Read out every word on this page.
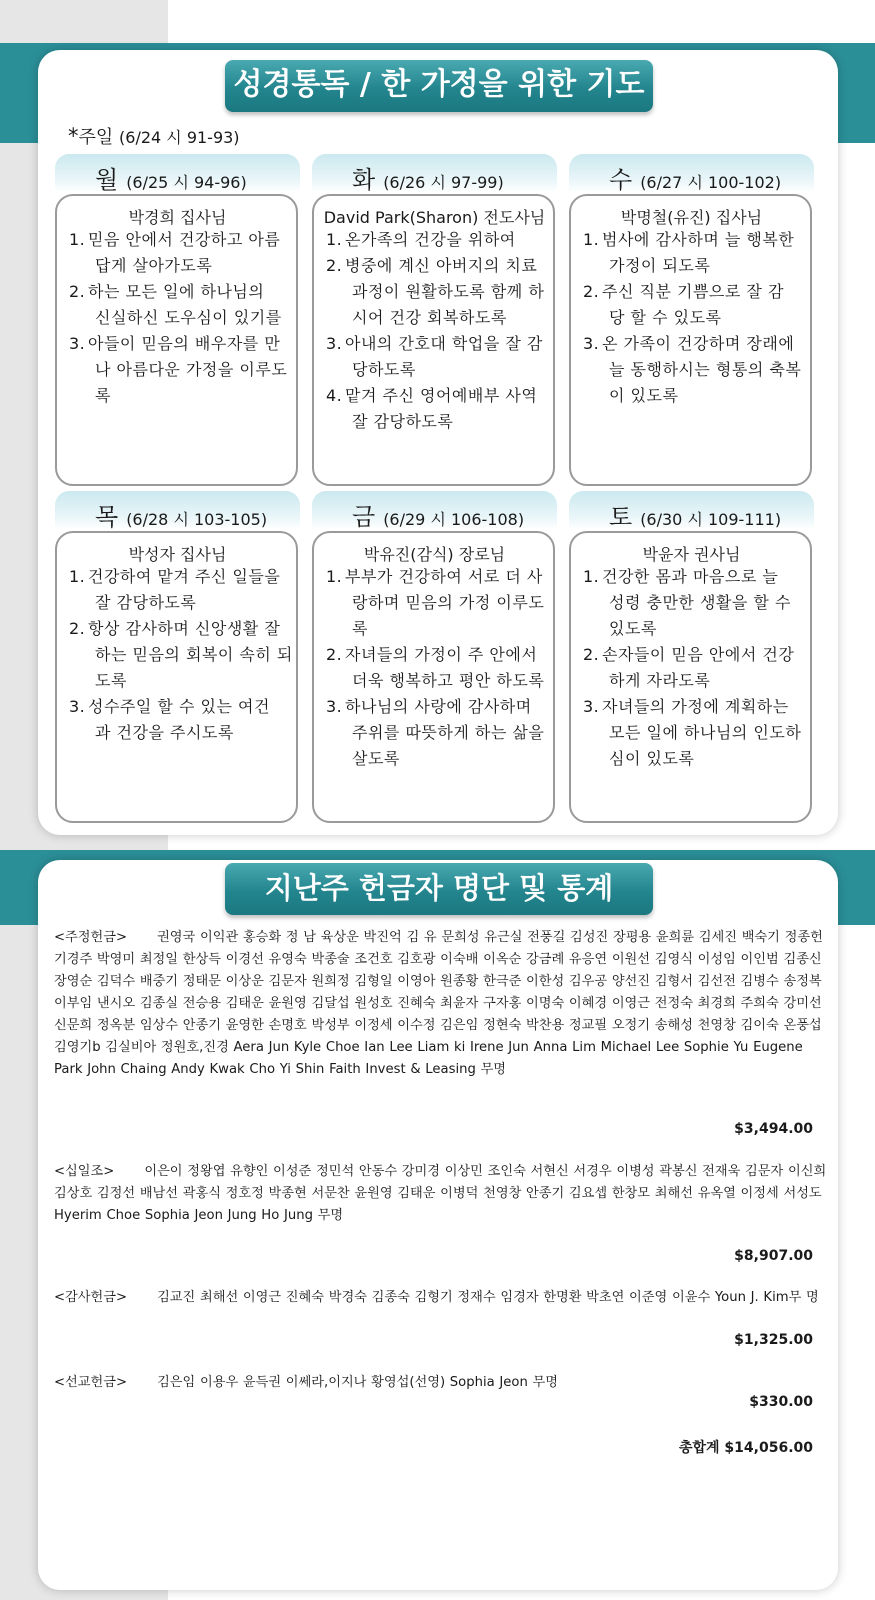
성경통독 / 한 가정을 위한 기도
*주일 (6/24 시 91-93)
월 (6/25 시 94-96)
박경희 집사님
1. 믿음 안에서 건강하고 아름
답게 살아가도록
2. 하는 모든 일에 하나님의
신실하신 도우심이 있기를
3. 아들이 믿음의 배우자를 만
나 아름다운 가정을 이루도
록
화 (6/26 시 97-99)
David Park(Sharon) 전도사님
1. 온가족의 건강을 위하여
2. 병중에 계신 아버지의 치료
과정이 원활하도록 함께 하
시어 건강 회복하도록
3. 아내의 간호대 학업을 잘 감
당하도록
4. 맡겨 주신 영어예배부 사역
잘 감당하도록
수 (6/27 시 100-102)
박명철(유진) 집사님
1. 범사에 감사하며 늘 행복한
가정이 되도록
2. 주신 직분 기쁨으로 잘 감
당 할 수 있도록
3. 온 가족이 건강하며 장래에
늘 동행하시는 형통의 축복
이 있도록
목 (6/28 시 103-105)
박성자 집사님
1. 건강하여 맡겨 주신 일들을
잘 감당하도록
2. 항상 감사하며 신앙생활 잘
하는 믿음의 회복이 속히 되
도록
3. 성수주일 할 수 있는 여건
과 건강을 주시도록
금 (6/29 시 106-108)
박유진(감식) 장로님
1. 부부가 건강하여 서로 더 사
랑하며 믿음의 가정 이루도
록
2. 자녀들의 가정이 주 안에서
더욱 행복하고 평안 하도록
3. 하나님의 사랑에 감사하며
주위를 따뜻하게 하는 삶을
살도록
토 (6/30 시 109-111)
박윤자 권사님
1. 건강한 몸과 마음으로 늘
성령 충만한 생활을 할 수
있도록
2. 손자들이 믿음 안에서 건강
하게 자라도록
3. 자녀들의 가정에 계획하는
모든 일에 하나님의 인도하
심이 있도록
지난주 헌금자 명단 및 통계
<주정헌금> 권영국 이익관 홍승화 정 남 육상운 박진억 김 유 문희성 유근실 전풍길 김성진 장평용 윤희륜 김세진 백숙기 정종헌 기경주 박영미 최정일 한상득 이경선 유영숙 박종술 조건호 김호광 이숙배 이옥순 강금례 유응연 이원선 김영식 이성임 이인범 김종신 장영순 김덕수 배중기 정태문 이상운 김문자 원희정 김형일 이영아 원종황 한극준 이한성 김우공 양선진 김형서 김선전 김병수 송정복 이부임 낸시오 김종실 전승용 김태운 윤원영 김달섭 원성호 진혜숙 최윤자 구자홍 이명숙 이혜경 이영근 전정숙 최경희 주희숙 강미선 신문희 정옥분 임상수 안종기 윤영한 손명호 박성부 이정세 이수정 김은임 정현숙 박찬용 정교필 오정기 송해성 천영창 김이숙 온풍섭 김영기b 김실비아 정원호,진경 Aera Jun Kyle Choe Ian Lee Liam ki Irene Jun Anna Lim Michael Lee Sophie Yu Eugene Park John Chaing Andy Kwak Cho Yi Shin Faith Invest & Leasing 무명
$3,494.00
<십일조> 이은이 정왕엽 유향인 이성준 정민석 안동수 강미경 이상민 조인숙 서현신 서경우 이병성 곽봉신 전재욱 김문자 이신희 김상호 김정선 배남선 곽홍식 정호정 박종현 서문찬 윤원영 김태운 이병덕 천영창 안종기 김요셉 한창모 최해선 유옥열 이정세 서성도 Hyerim Choe Sophia Jeon Jung Ho Jung 무명
$8,907.00
<감사헌금> 김교진 최해선 이영근 진혜숙 박경숙 김종숙 김형기 정재수 임경자 한명환 박초연 이준영 이윤수 Youn J. Kim무 명
$1,325.00
<선교헌금> 김은임 이용우 윤득권 이쎄라,이지나 황영섭(선영) Sophia Jeon 무명
$330.00
총합계 $14,056.00
